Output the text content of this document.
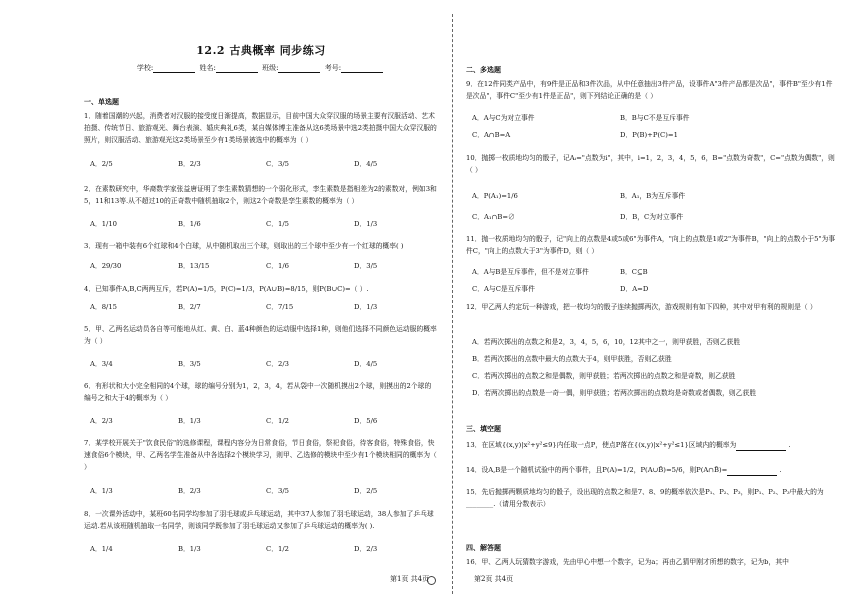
12.2 古典概率 同步练习
学校:	姓名:	班级:	考号:
一、单选题
1．随着国潮的兴起，消费者对汉服的接受度日渐提高，数据显示，目前中国大众穿汉服的场景主要有汉服活动、艺术拍摄、传统节日、旅游观光、舞台表演、婚庆典礼6类，某自媒体博主准备从这6类场景中选2类拍摄中国大众穿汉服的照片，则汉服活动、旅游观光这2类场景至少有1类场景被选中的概率为（ ）
A．2/5	B．2/3	C．3/5	D．4/5
2．在素数研究中，华裔数学家张益唐证明了孪生素数猜想的一个弱化形式，孪生素数是指相差为2的素数对，例如3和5，11和13等.从不超过10的正奇数中随机抽取2个，则这2个奇数是孪生素数的概率为（ ）
A．1/10	B．1/6	C．1/5	D．1/3
3．现有一箱中装有6个红球和4个白球，从中随机取出三个球，则取出的三个球中至少有一个红球的概率( )
A．29/30	B．13/15	C．1/6	D．3/5
4．已知事件A,B,C两两互斥，若P(A)=1/5，P(C)=1/3，P(A∪B)=8/15，则P(B∪C)=（ ）.
A．8/15	B．2/7	C．7/15	D．1/3
5．甲、乙两名运动员各自等可能地从红、黄、白、蓝4种颜色的运动服中选择1种，则他们选择不同颜色运动服的概率为（ ）
A．3/4	B．3/5	C．2/3	D．4/5
6．有形状和大小完全相同的4个球，球的编号分别为1，2，3，4，若从袋中一次随机摸出2个球，则摸出的2个球的编号之和大于4的概率为（ ）
A．2/3	B．1/3	C．1/2	D．5/6
7．某学校开展关于"饮食民俗"的选修课程，课程内容分为日常食俗，节日食俗，祭祀食俗，待客食俗，特殊食俗，快速食俗6个模块，甲、乙两名学生准备从中各选择2个模块学习，则甲、乙选修的模块中至少有1个模块相同的概率为（ ）
A．1/3	B．2/3	C．3/5	D．2/5
8．一次课外活动中，某班60名同学均参加了羽毛球或乒乓球运动，其中37人参加了羽毛球运动，38人参加了乒乓球运动.若从该班随机抽取一名同学，则该同学既参加了羽毛球运动又参加了乒乓球运动的概率为( ).
A．1/4	B．1/3	C．1/2	D．2/3
第1页 共4页
二、多选题
9．在12件同类产品中，有9件是正品和3件次品，从中任意抽出3件产品，设事件A"3件产品都是次品"，事件B"至少有1件是次品"，事件C"至少有1件是正品"，则下列结论正确的是（ ）
A．A与C为对立事件	B．B与C不是互斥事件
C．A∩B=A	D．P(B)+P(C)=1
10．抛掷一枚质地均匀的骰子，记Aᵢ="点数为i"，其中，i=1，2，3，4，5，6，B="点数为奇数"，C="点数为偶数"，则（ ）
A．P(A₁)=1/6	B．A₁，B为互斥事件
C．A₁∩B=∅	D．B，C为对立事件
11．抛一枚质地均匀的骰子，记"向上的点数是4或5或6"为事件A，"向上的点数是1或2"为事件B，"向上的点数小于5"为事件C，"向上的点数大于3"为事件D，则（ ）
A．A与B是互斥事件，但不是对立事件	B．C⊆B
C．A与C是互斥事件	D．A=D
12．甲乙两人约定玩一种游戏，把一枚均匀的骰子连续抛掷两次，游戏规则有如下四种，其中对甲有利的规则是（ ）
A．若两次掷出的点数之和是2，3，4，5，6，10，12其中之一，则甲获胜，否则乙获胜
B．若两次掷出的点数中最大的点数大于4，则甲获胜，否则乙获胜
C．若两次掷出的点数之和是偶数，则甲获胜；若两次掷出的点数之和是奇数，则乙获胜
D．若两次掷出的点数是一奇一偶，则甲获胜；若两次掷出的点数均是奇数或者偶数，则乙获胜
三、填空题
13．在区域{(x,y)|x²+y²≤9}内任取一点P，使点P落在{(x,y)|x²+y²≤1}区域内的概率为	.
14．设A,B是一个随机试验中的两个事件，且P(A)=1/2，P(A∪B̄)=5/6，则P(A∩B̄)=	.
15．先后抛掷两颗质地均匀的骰子，设出现的点数之和是7、8、9的概率依次是P₁、P₂、P₃，则P₁、P₂、P₃中最大的为________.（请用分数表示）
四、解答题
16．甲、乙两人玩猜数字游戏，先由甲心中想一个数字，记为a；再由乙猜甲刚才所想的数字，记为b，其中
第2页 共4页
